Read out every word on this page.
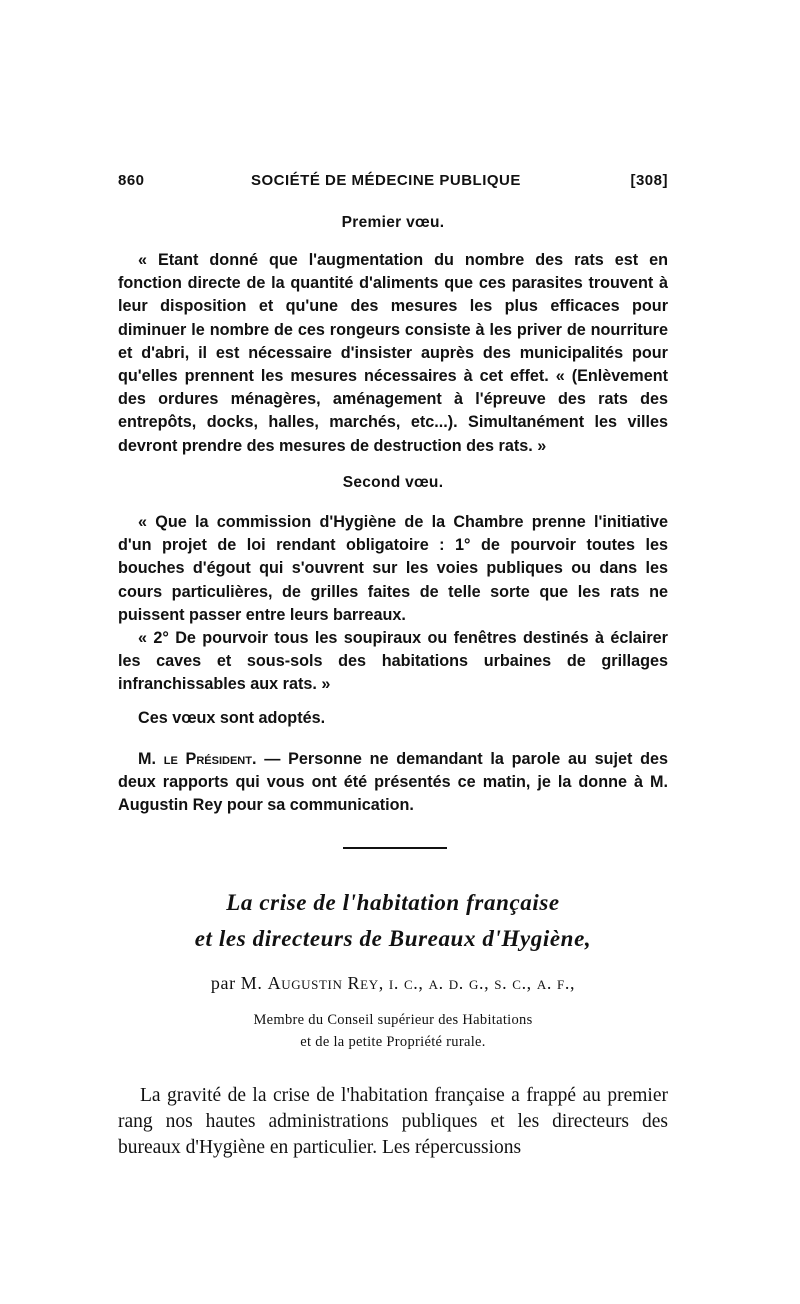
860	SOCIÉTÉ DE MÉDECINE PUBLIQUE	[308]
Premier vœu.

« Etant donné que l'augmentation du nombre des rats est en fonction directe de la quantité d'aliments que ces parasites trouvent à leur disposition et qu'une des mesures les plus efficaces pour diminuer le nombre de ces rongeurs consiste à les priver de nourriture et d'abri, il est nécessaire d'insister auprès des municipalités pour qu'elles prennent les mesures nécessaires à cet effet. « (Enlèvement des ordures ménagères, aménagement à l'épreuve des rats des entrepôts, docks, halles, marchés, etc...). Simultanément les villes devront prendre des mesures de destruction des rats. »

Second vœu.

« Que la commission d'Hygiène de la Chambre prenne l'initiative d'un projet de loi rendant obligatoire : 1° de pourvoir toutes les bouches d'égout qui s'ouvrent sur les voies publiques ou dans les cours particulières, de grilles faites de telle sorte que les rats ne puissent passer entre leurs barreaux.

« 2° De pourvoir tous les soupiraux ou fenêtres destinés à éclairer les caves et sous-sols des habitations urbaines de grillages infranchissables aux rats. »

Ces vœux sont adoptés.

M. le Président. — Personne ne demandant la parole au sujet des deux rapports qui vous ont été présentés ce matin, je la donne à M. Augustin Rey pour sa communication.

La crise de l'habitation française
et les directeurs de Bureaux d'Hygiène,
par M. Augustin Rey, i. c., a. d. g., s. c., a. f.,
Membre du Conseil supérieur des Habitations
et de la petite Propriété rurale.

La gravité de la crise de l'habitation française a frappé au premier rang nos hautes administrations publiques et les directeurs des bureaux d'Hygiène en particulier. Les répercussions
